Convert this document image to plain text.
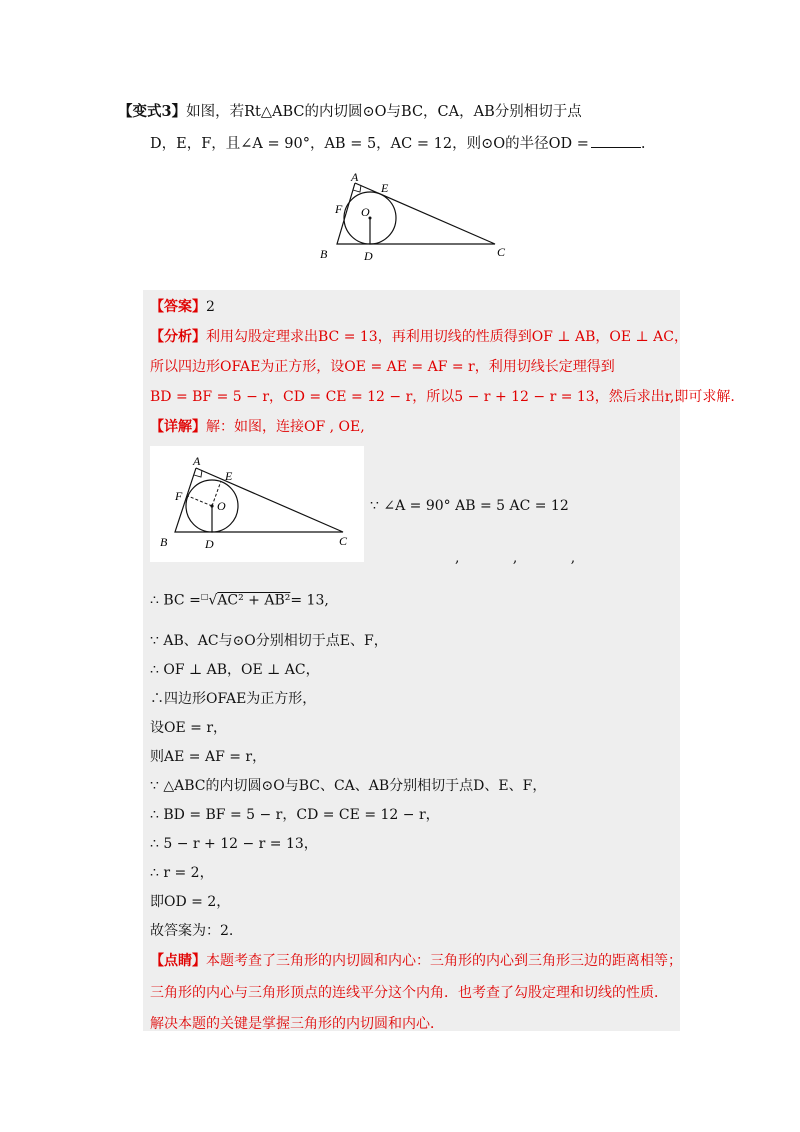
【变式3】如图，若Rt△ABC的内切圆⊙O与BC，CA，AB分别相切于点
D，E，F，且∠A = 90°，AB = 5，AC = 12，则⊙O的半径OD =	.
A
E
F O
B	D	C
【答案】2
【分析】利用勾股定理求出BC = 13，再利用切线的性质得到OF ⊥ AB，OE ⊥ AC，
所以四边形OFAE为正方形，设OE = AE = AF = r，利用切线长定理得到
BD = BF = 5 − r，CD = CE = 12 − r，所以5 − r + 12 − r = 13，然后求出r,即可求解.
【详解】解：如图，连接OF , OE,
A
E
F
O
B	D	C
∵ ∠A = 90° AB = 5 AC = 12
,            ,            ,
∴ BC =□√AC² + AB²= 13,
∵ AB、AC与⊙O分别相切于点E、F，
∴ OF ⊥ AB，OE ⊥ AC，
∴四边形OFAE为正方形，
设OE = r，
则AE = AF = r，
∵ △ABC的内切圆⊙O与BC、CA、AB分别相切于点D、E、F，
∴ BD = BF = 5 − r，CD = CE = 12 − r，
∴ 5 − r + 12 − r = 13，
∴ r = 2，
即OD = 2，
故答案为：2.
【点睛】本题考查了三角形的内切圆和内心：三角形的内心到三角形三边的距离相等；
三角形的内心与三角形顶点的连线平分这个内角．也考查了勾股定理和切线的性质．
解决本题的关键是掌握三角形的内切圆和内心．
